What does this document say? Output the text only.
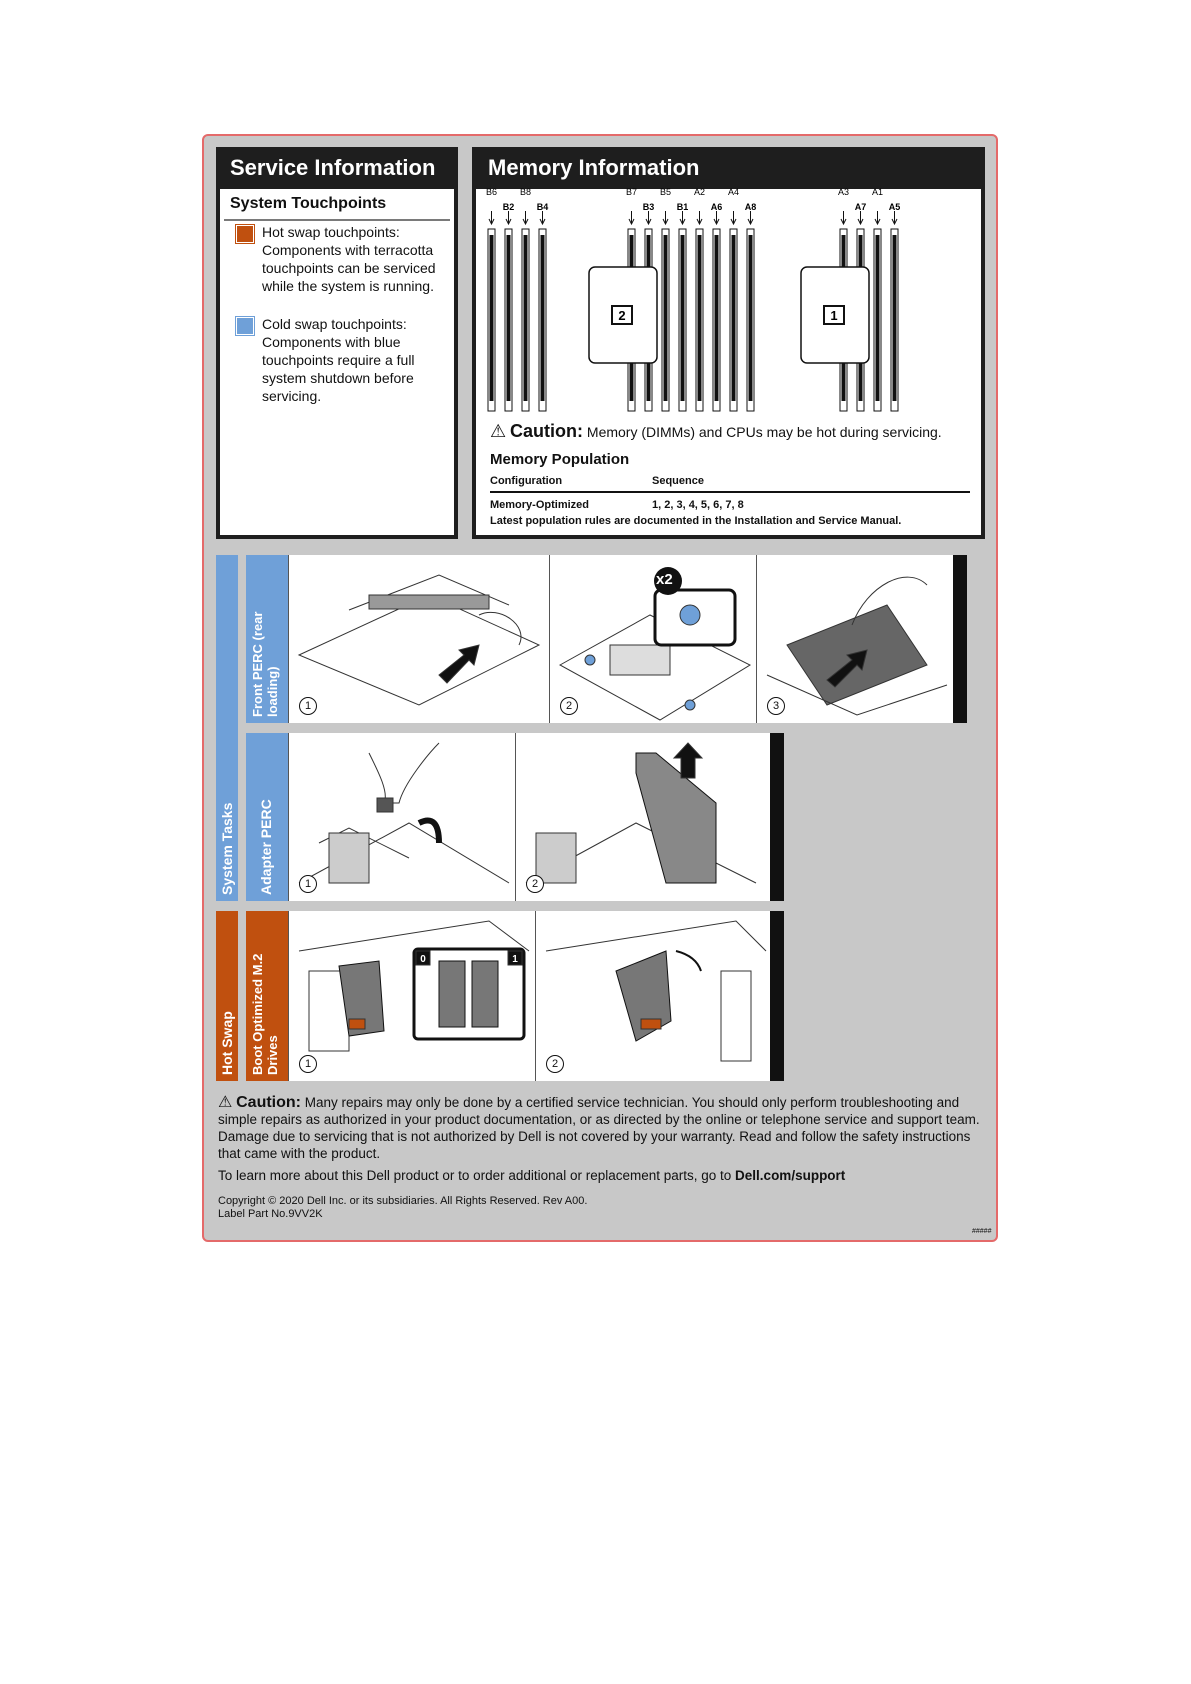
Service Information
System Touchpoints
Hot swap touchpoints: Components with terracotta touchpoints can be serviced while the system is running.
Cold swap touchpoints: Components with blue touchpoints require a full system shutdown before servicing.
Memory Information
B6
B2
B8
B4
B7
B3
B5
B1
A2
A6
A4
A8
A3
A7
A1
A5
2	1
⚠ Caution: Memory (DIMMs) and CPUs may be hot during servicing.
Memory Population
Configuration	Sequence
Memory-Optimized	1, 2, 3, 4, 5, 6, 7, 8
Latest population rules are documented in the Installation and Service Manual.
System Tasks
Hot Swap
Front PERC (rear loading)	1
x2
2	3
Adapter PERC	1	2
Boot Optimized M.2 Drives
0	1
1	2
⚠ Caution: Many repairs may only be done by a certified service technician. You should only perform troubleshooting and simple repairs as authorized in your product documentation, or as directed by the online or telephone service and support team. Damage due to servicing that is not authorized by Dell is not covered by your warranty. Read and follow the safety instructions that came with the product.
To learn more about this Dell product or to order additional or replacement parts, go to Dell.com/support
Copyright © 2020 Dell Inc. or its subsidiaries. All Rights Reserved. Rev A00.
Label Part No.9VV2K
#####
